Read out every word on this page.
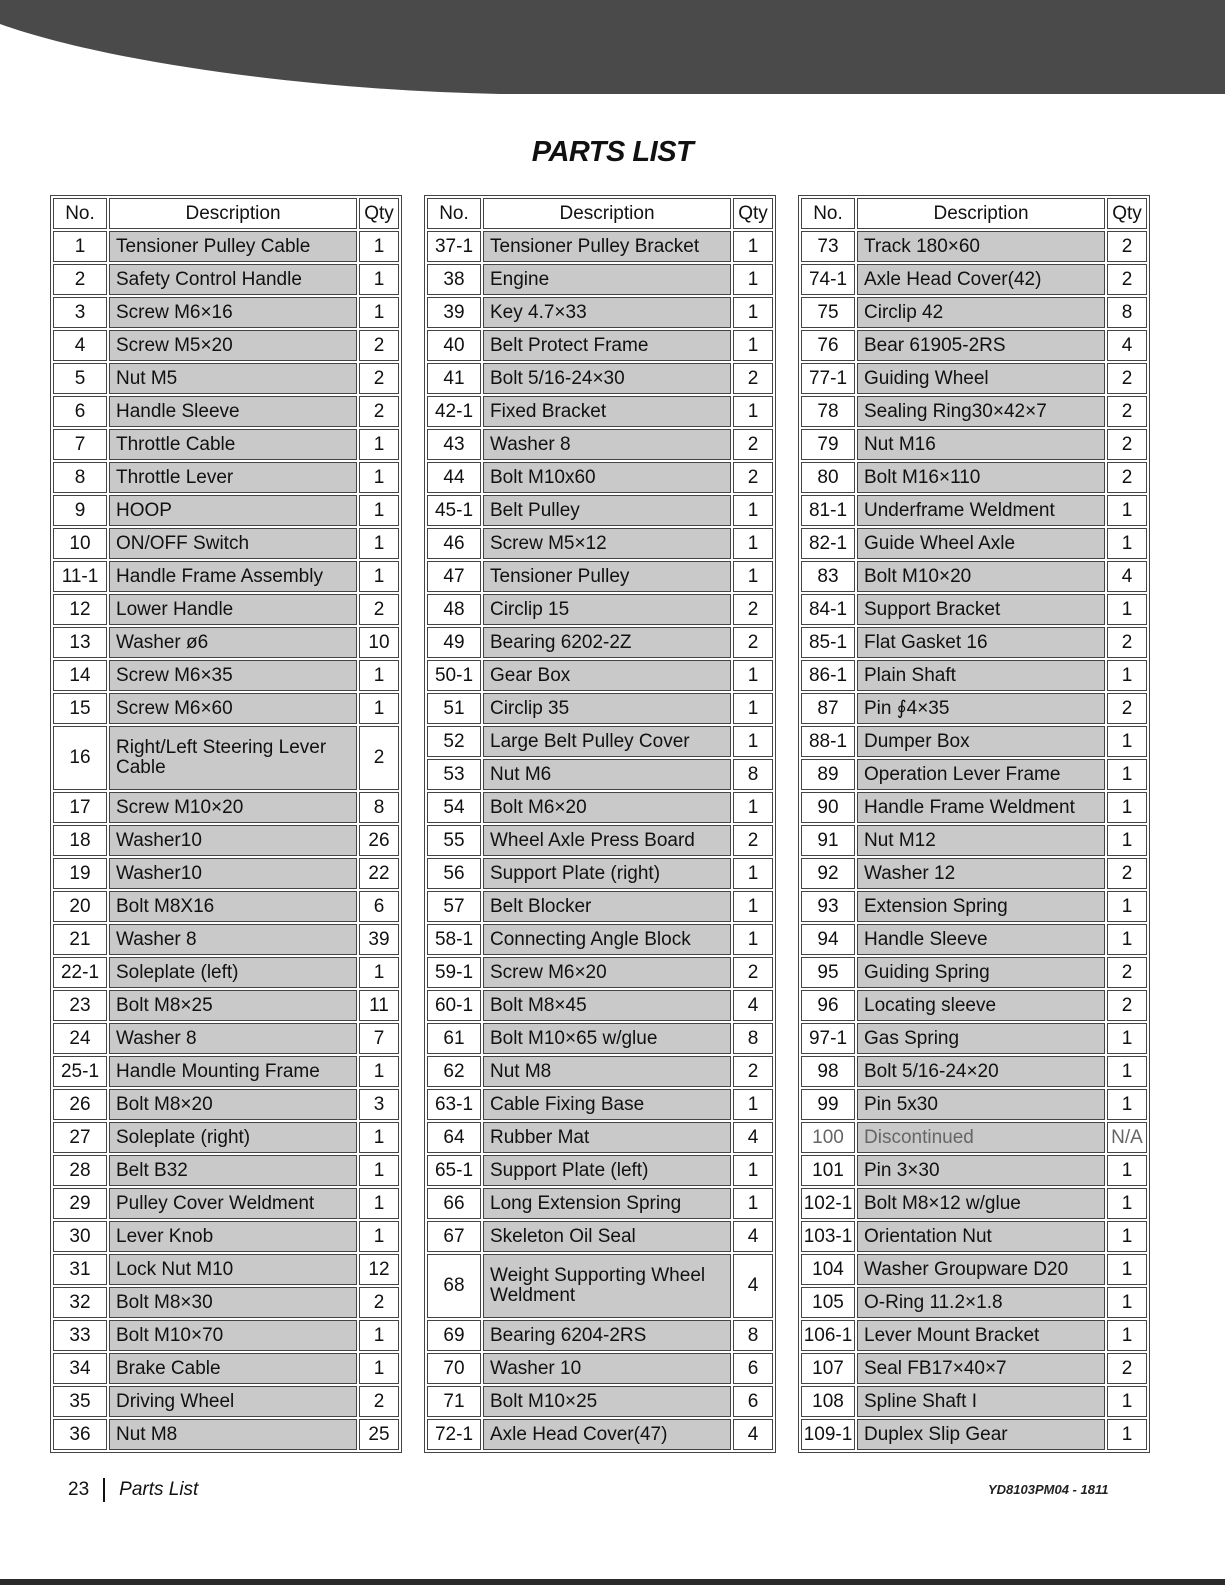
PARTS LIST
No.	Description	Qty
1	Tensioner Pulley Cable	1
2	Safety Control Handle	1
3	Screw M6×16	1
4	Screw M5×20	2
5	Nut M5	2
6	Handle Sleeve	2
7	Throttle Cable	1
8	Throttle Lever	1
9	HOOP	1
10	ON/OFF Switch	1
11-1	Handle Frame Assembly	1
12	Lower Handle	2
13	Washer ø6	10
14	Screw M6×35	1
15	Screw M6×60	1
16	Right/Left Steering Lever Cable	2
17	Screw M10×20	8
18	Washer10	26
19	Washer10	22
20	Bolt M8X16	6
21	Washer 8	39
22-1	Soleplate (left)	1
23	Bolt M8×25	11
24	Washer 8	7
25-1	Handle Mounting Frame	1
26	Bolt M8×20	3
27	Soleplate (right)	1
28	Belt B32	1
29	Pulley Cover Weldment	1
30	Lever Knob	1
31	Lock Nut M10	12
32	Bolt M8×30	2
33	Bolt M10×70	1
34	Brake Cable	1
35	Driving Wheel	2
36	Nut M8	25
No.	Description	Qty
37-1	Tensioner Pulley Bracket	1
38	Engine	1
39	Key 4.7×33	1
40	Belt Protect Frame	1
41	Bolt 5/16-24×30	2
42-1	Fixed Bracket	1
43	Washer 8	2
44	Bolt M10x60	2
45-1	Belt Pulley	1
46	Screw M5×12	1
47	Tensioner Pulley	1
48	Circlip 15	2
49	Bearing 6202-2Z	2
50-1	Gear Box	1
51	Circlip 35	1
52	Large Belt Pulley Cover	1
53	Nut M6	8
54	Bolt M6×20	1
55	Wheel Axle Press Board	2
56	Support Plate (right)	1
57	Belt Blocker	1
58-1	Connecting Angle Block	1
59-1	Screw M6×20	2
60-1	Bolt M8×45	4
61	Bolt M10×65 w/glue	8
62	Nut M8	2
63-1	Cable Fixing Base	1
64	Rubber Mat	4
65-1	Support Plate (left)	1
66	Long Extension Spring	1
67	Skeleton Oil Seal	4
68	Weight Supporting Wheel Weldment	4
69	Bearing 6204-2RS	8
70	Washer 10	6
71	Bolt M10×25	6
72-1	Axle Head Cover(47)	4
No.	Description	Qty
73	Track 180×60	2
74-1	Axle Head Cover(42)	2
75	Circlip 42	8
76	Bear 61905-2RS	4
77-1	Guiding Wheel	2
78	Sealing Ring30×42×7	2
79	Nut M16	2
80	Bolt M16×110	2
81-1	Underframe Weldment	1
82-1	Guide Wheel Axle	1
83	Bolt M10×20	4
84-1	Support Bracket	1
85-1	Flat Gasket 16	2
86-1	Plain Shaft	1
87	Pin ∮4×35	2
88-1	Dumper Box	1
89	Operation Lever Frame	1
90	Handle Frame Weldment	1
91	Nut M12	1
92	Washer 12	2
93	Extension Spring	1
94	Handle Sleeve	1
95	Guiding Spring	2
96	Locating sleeve	2
97-1	Gas Spring	1
98	Bolt 5/16-24×20	1
99	Pin 5x30	1
100	Discontinued	N/A
101	Pin 3×30	1
102-1	Bolt M8×12 w/glue	1
103-1	Orientation Nut	1
104	Washer Groupware D20	1
105	O-Ring 11.2×1.8	1
106-1	Lever Mount Bracket	1
107	Seal FB17×40×7	2
108	Spline Shaft I	1
109-1	Duplex Slip Gear	1
23 Parts List	YD8103PM04 - 1811
